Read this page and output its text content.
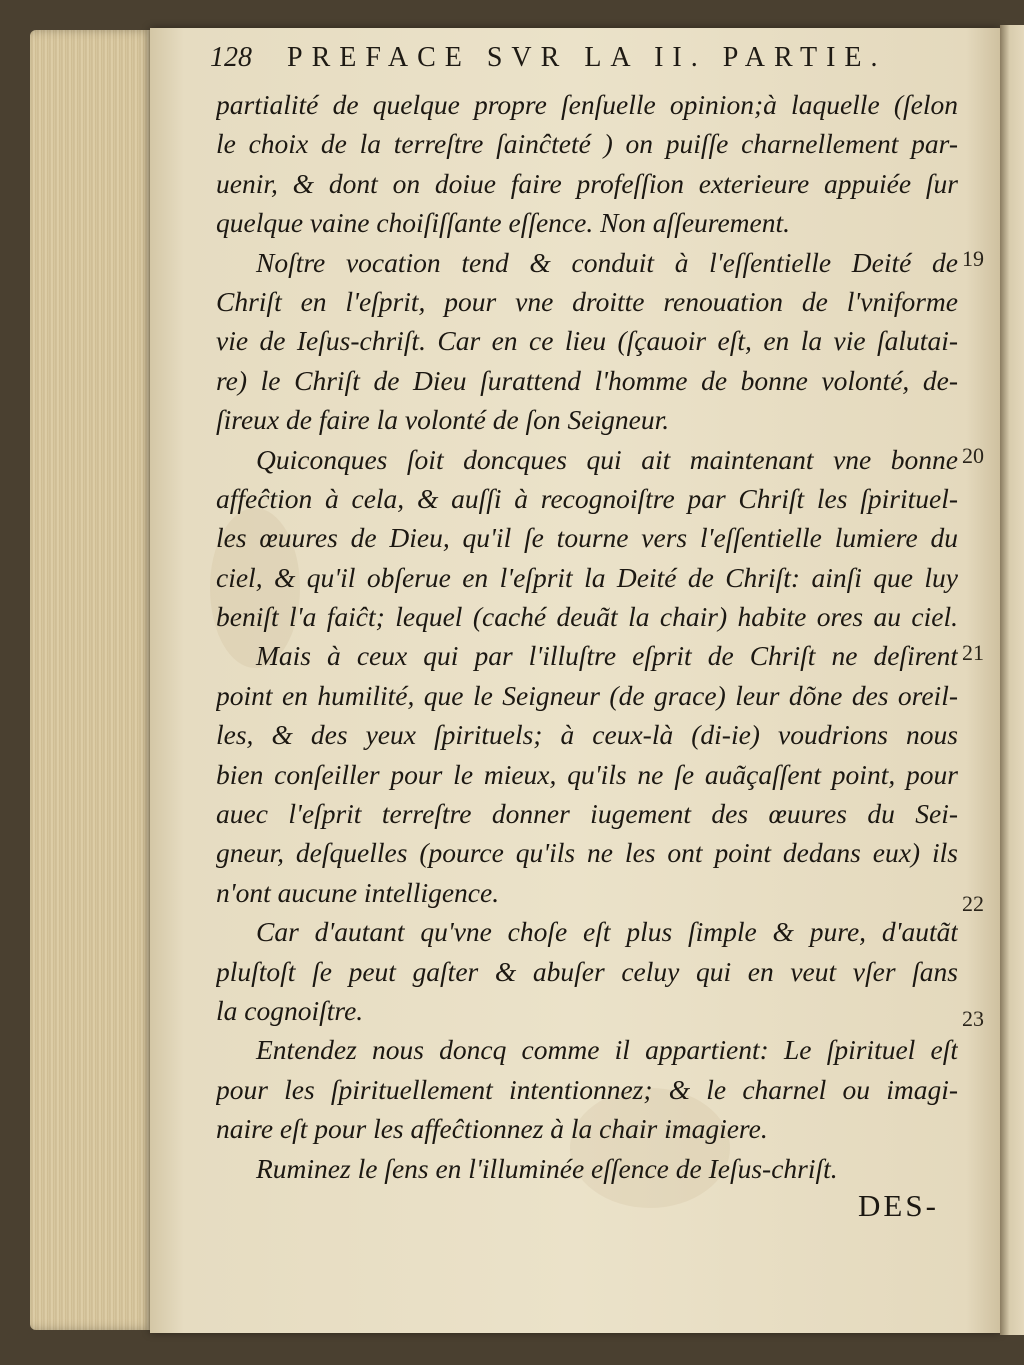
128 PREFACE SVR LA II. PARTIE.
partialité de quelque propre ſenſuelle opinion;à laquelle (ſelon
le choix de la terreſtre ſainĉteté ) on puiſſe charnellement par-
uenir, & dont on doiue faire profeſſion exterieure appuiée ſur
quelque vaine choiſiſſante eſſence. Non aſſeurement.
Noſtre vocation tend & conduit à l'eſſentielle Deité de
Chriſt en l'eſprit, pour vne droitte renouation de l'vniforme
vie de Ieſus-chriſt. Car en ce lieu (ſçauoir eſt, en la vie ſalutai-
re) le Chriſt de Dieu ſurattend l'homme de bonne volonté, de-
ſireux de faire la volonté de ſon Seigneur.
Quiconques ſoit doncques qui ait maintenant vne bonne
affeĉtion à cela, & auſſi à recognoiſtre par Chriſt les ſpirituel-
les œuures de Dieu, qu'il ſe tourne vers l'eſſentielle lumiere du
ciel, & qu'il obſerue en l'eſprit la Deité de Chriſt: ainſi que luy
beniſt l'a faiĉt; lequel (caché deuãt la chair) habite ores au ciel.
Mais à ceux qui par l'illuſtre eſprit de Chriſt ne deſirent
point en humilité, que le Seigneur (de grace) leur dõne des oreil-
les, & des yeux ſpirituels; à ceux-là (di-ie) voudrions nous
bien conſeiller pour le mieux, qu'ils ne ſe auãçaſſent point, pour
auec l'eſprit terreſtre donner iugement des œuures du Sei-
gneur, deſquelles (pource qu'ils ne les ont point dedans eux) ils
n'ont aucune intelligence.
Car d'autant qu'vne choſe eſt plus ſimple & pure, d'autãt
pluſtoſt ſe peut gaſter & abuſer celuy qui en veut vſer ſans
la cognoiſtre.
Entendez nous doncq comme il appartient: Le ſpirituel eſt
pour les ſpirituellement intentionnez; & le charnel ou imagi-
naire eſt pour les affeĉtionnez à la chair imagiere.
Ruminez le ſens en l'illuminée eſſence de Ieſus-chriſt.
19
20
21
22
23
DES-
